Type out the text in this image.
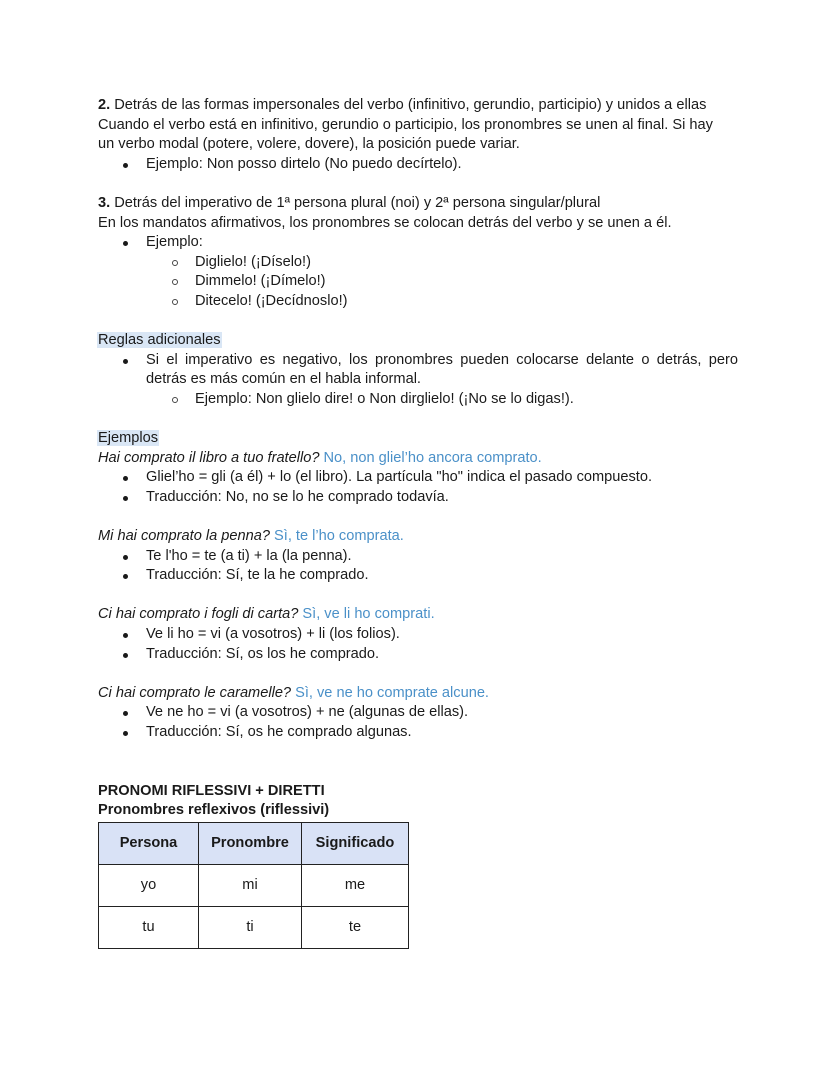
2. Detrás de las formas impersonales del verbo (infinitivo, gerundio, participio) y unidos a ellas
Cuando el verbo está en infinitivo, gerundio o participio, los pronombres se unen al final. Si hay
un verbo modal (potere, volere, dovere), la posición puede variar.
Ejemplo: Non posso dirtelo (No puedo decírtelo).
3. Detrás del imperativo de 1ª persona plural (noi) y 2ª persona singular/plural
En los mandatos afirmativos, los pronombres se colocan detrás del verbo y se unen a él.
Ejemplo:
Diglielo! (¡Díselo!)
Dimmelo! (¡Dímelo!)
Ditecelo! (¡Decídnoslo!)
Reglas adicionales
Si el imperativo es negativo, los pronombres pueden colocarse delante o detrás, pero
detrás es más común en el habla informal.
Ejemplo: Non glielo dire! o Non dirglielo! (¡No se lo digas!).
Ejemplos
Hai comprato il libro a tuo fratello? No, non gliel’ho ancora comprato.
Gliel’ho = gli (a él) + lo (el libro). La partícula "ho" indica el pasado compuesto.
Traducción: No, no se lo he comprado todavía.
Mi hai comprato la penna? Sì, te l’ho comprata.
Te l'ho = te (a ti) + la (la penna).
Traducción: Sí, te la he comprado.
Ci hai comprato i fogli di carta? Sì, ve li ho comprati.
Ve li ho = vi (a vosotros) + li (los folios).
Traducción: Sí, os los he comprado.
Ci hai comprato le caramelle? Sì, ve ne ho comprate alcune.
Ve ne ho = vi (a vosotros) + ne (algunas de ellas).
Traducción: Sí, os he comprado algunas.
PRONOMI RIFLESSIVI + DIRETTI
Pronombres reflexivos (riflessivi)
Persona	Pronombre	Significado
yo	mi	me
tu	ti	te
